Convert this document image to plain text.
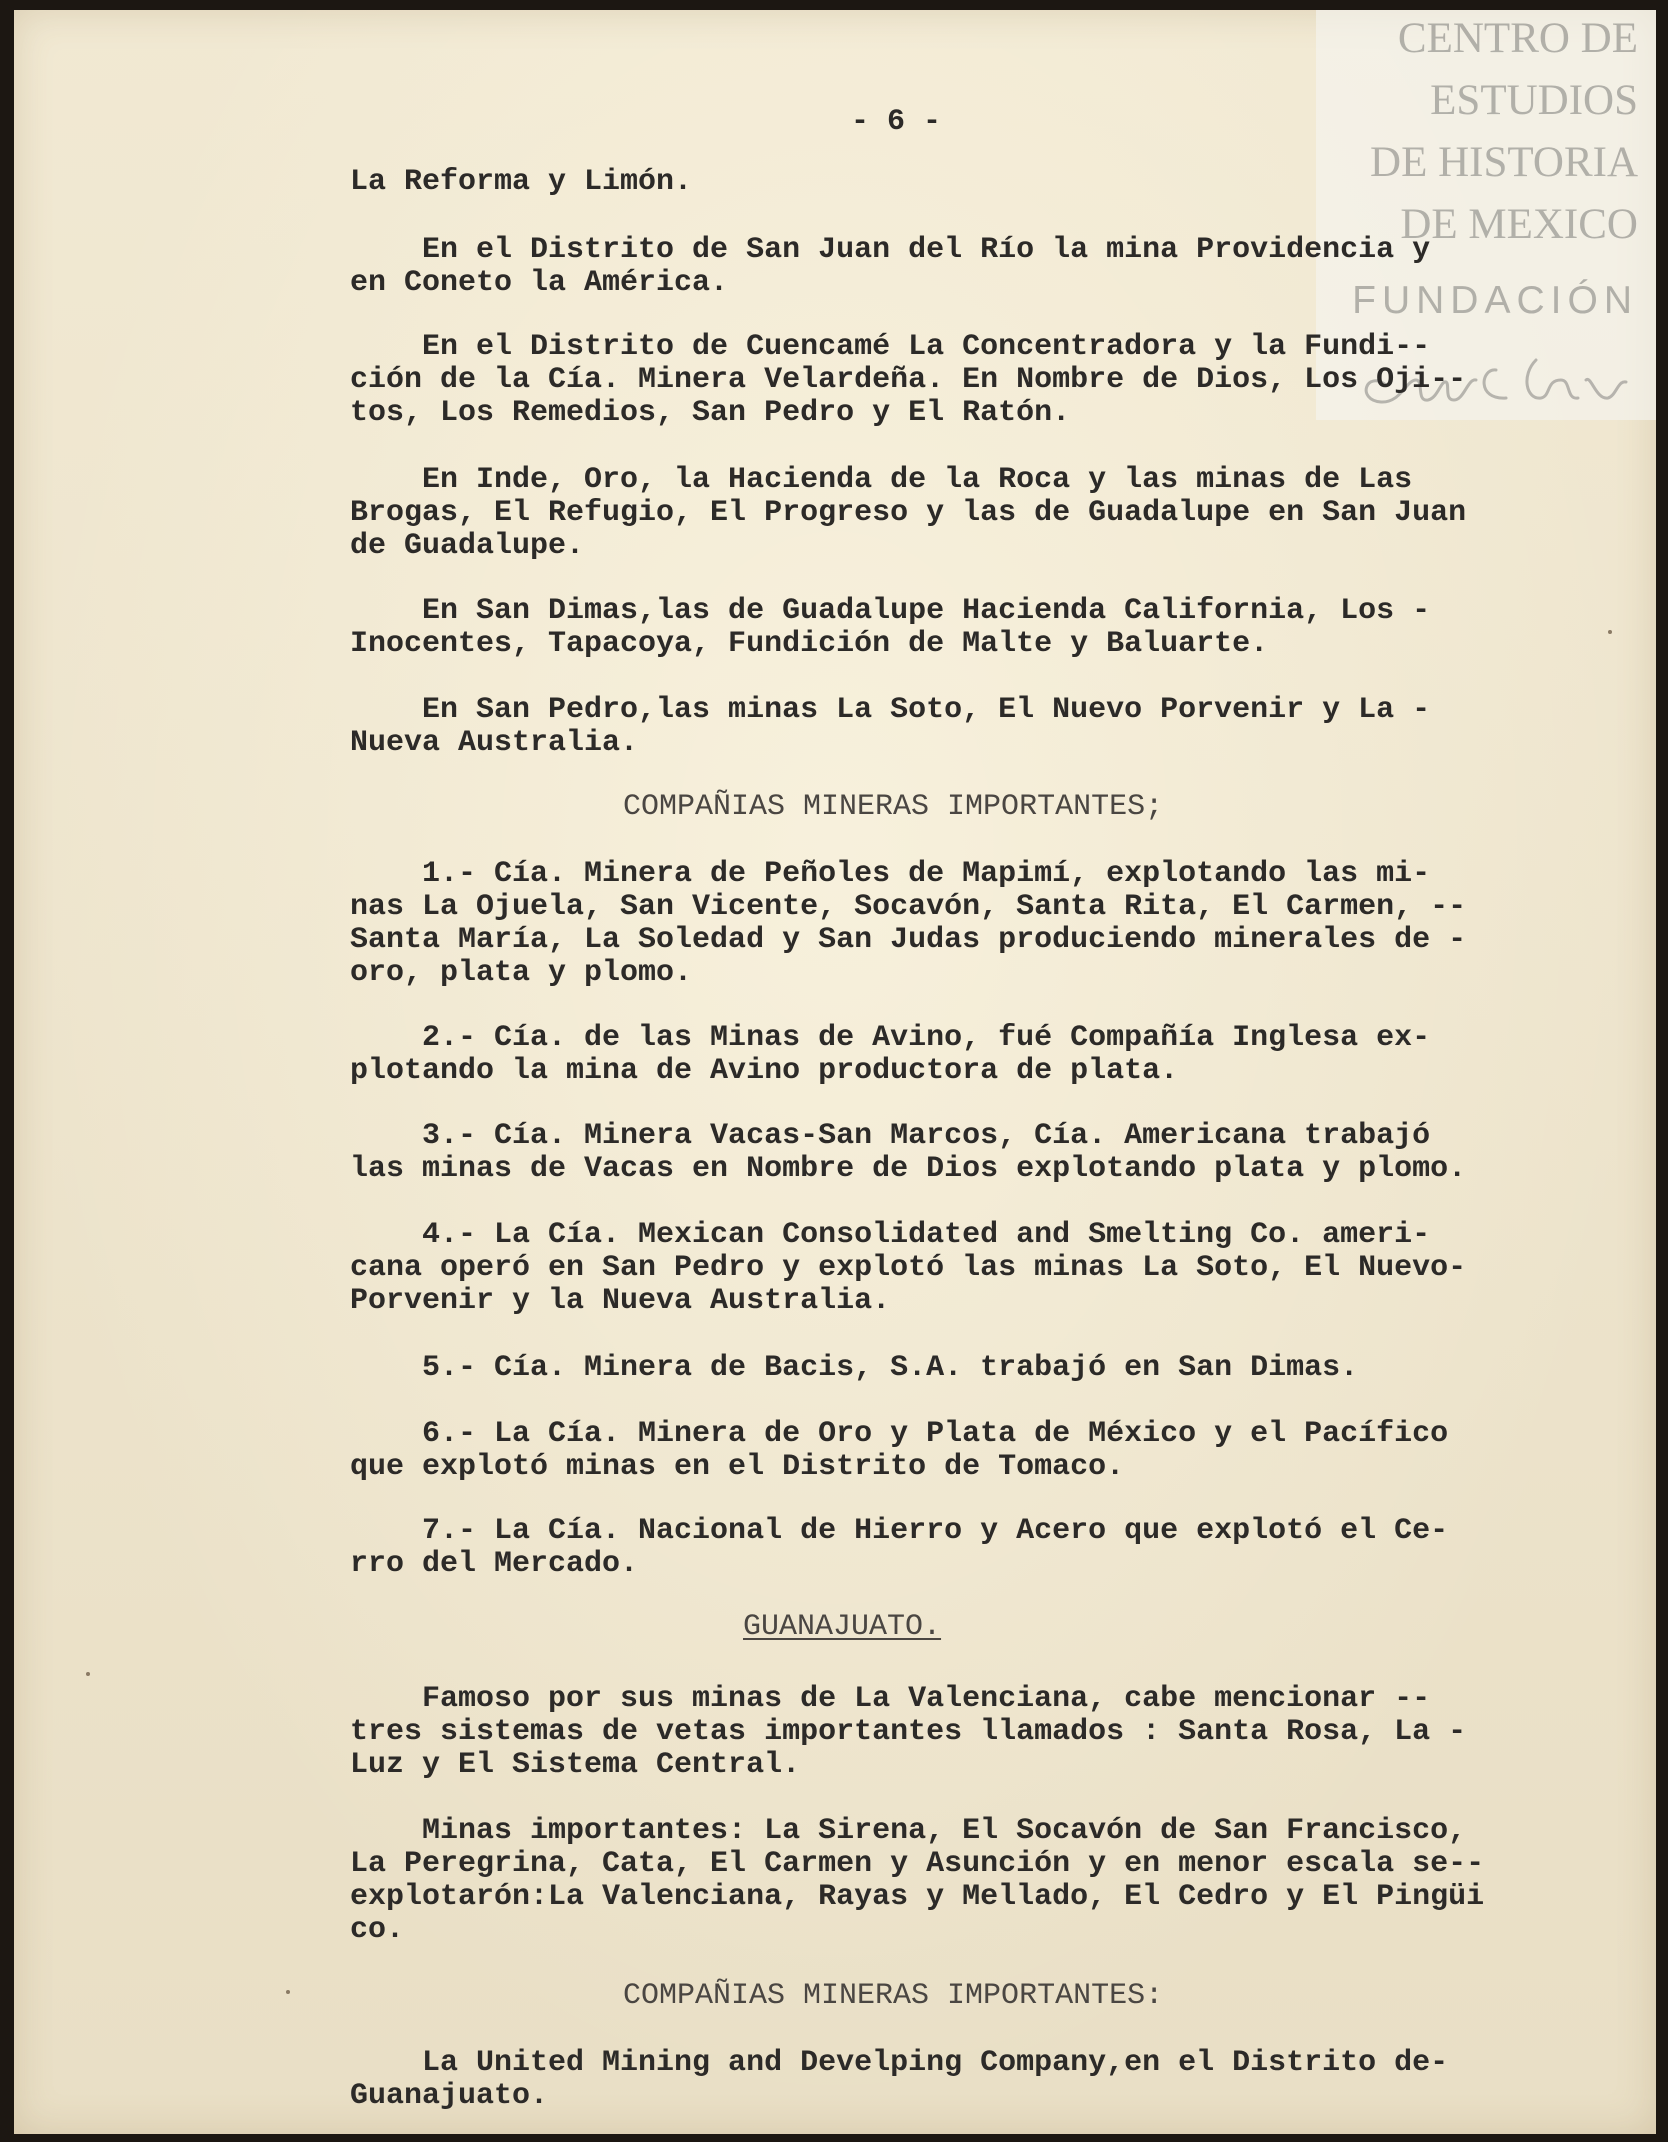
CENTRO DE
ESTUDIOS
DE HISTORIA
DE MEXICO
FUNDACIÓN

- 6 -

La Reforma y Limón.

En el Distrito de San Juan del Río la mina Providencia y

en Coneto la América.

En el Distrito de Cuencamé La Concentradora y la Fundi--

ción de la Cía. Minera Velardeña. En Nombre de Dios, Los Oji--

tos, Los Remedios, San Pedro y El Ratón.

En Inde, Oro, la Hacienda de la Roca y las minas de Las

Brogas, El Refugio, El Progreso y las de Guadalupe en San Juan

de Guadalupe.

En San Dimas,las de Guadalupe Hacienda California, Los -

Inocentes, Tapacoya, Fundición de Malte y Baluarte.

En San Pedro,las minas La Soto, El Nuevo Porvenir y La -

Nueva Australia.

COMPAÑIAS MINERAS IMPORTANTES;

1.- Cía. Minera de Peñoles de Mapimí, explotando las mi-

nas La Ojuela, San Vicente, Socavón, Santa Rita, El Carmen, --

Santa María, La Soledad y San Judas produciendo minerales de -

oro, plata y plomo.

2.- Cía. de las Minas de Avino, fué Compañía Inglesa ex-

plotando la mina de Avino productora de plata.

3.- Cía. Minera Vacas-San Marcos, Cía. Americana trabajó

las minas de Vacas en Nombre de Dios explotando plata y plomo.

4.- La Cía. Mexican Consolidated and Smelting Co. ameri-

cana operó en San Pedro y explotó las minas La Soto, El Nuevo-

Porvenir y la Nueva Australia.

5.- Cía. Minera de Bacis, S.A. trabajó en San Dimas.

6.- La Cía. Minera de Oro y Plata de México y el Pacífico

que explotó minas en el Distrito de Tomaco.

7.- La Cía. Nacional de Hierro y Acero que explotó el Ce-

rro del Mercado.

GUANAJUATO.

Famoso por sus minas de La Valenciana, cabe mencionar --

tres sistemas de vetas importantes llamados : Santa Rosa, La -

Luz y El Sistema Central.

Minas importantes: La Sirena, El Socavón de San Francisco,

La Peregrina, Cata, El Carmen y Asunción y en menor escala se--

explotarón:La Valenciana, Rayas y Mellado, El Cedro y El Pingüi

co.

COMPAÑIAS MINERAS IMPORTANTES:

La United Mining and Develping Company,en el Distrito de-

Guanajuato.
